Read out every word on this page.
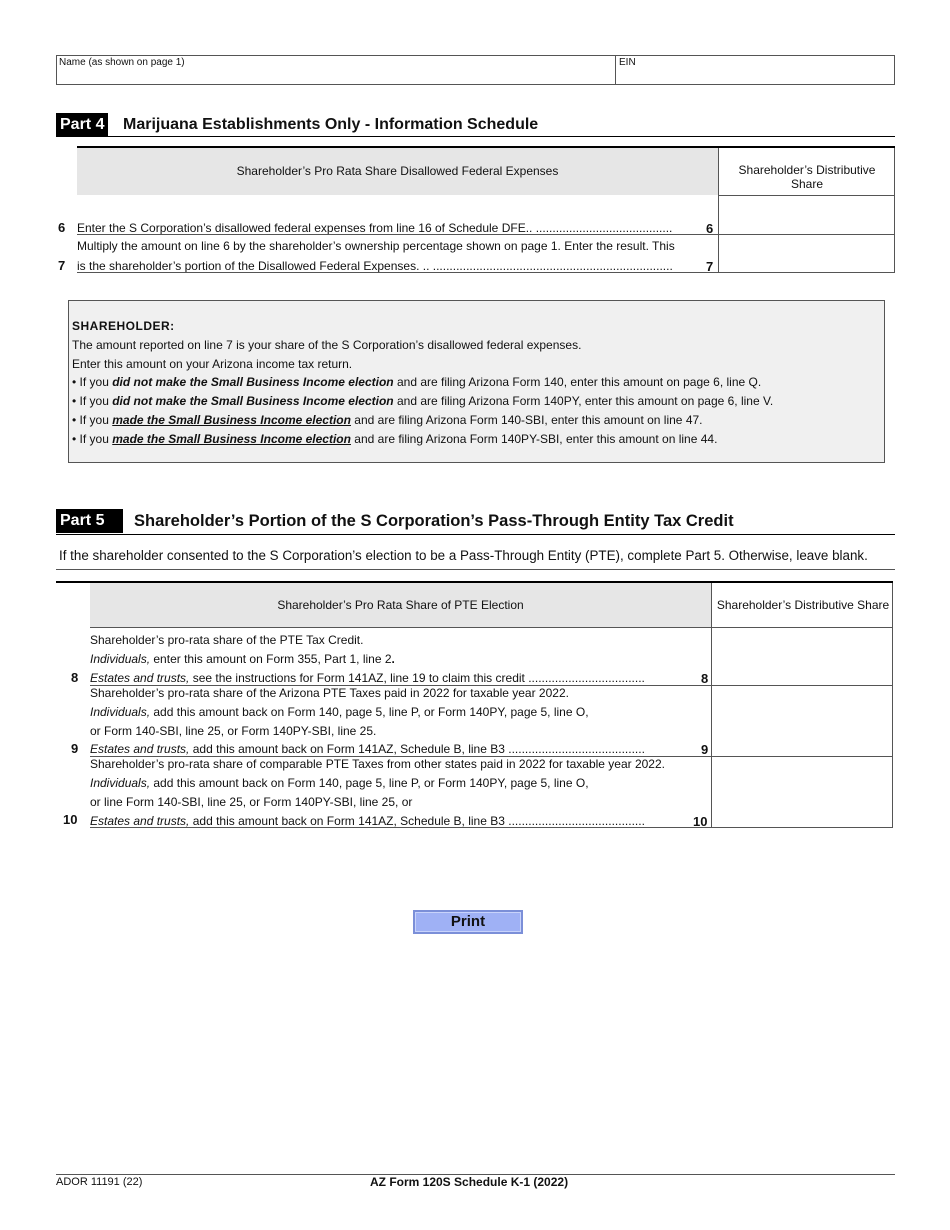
Name (as shown on page 1)	EIN
Part 4 Marijuana Establishments Only - Information Schedule
Shareholder’s Pro Rata Share Disallowed Federal Expenses	Shareholder’s Distributive Share
6 Enter the S Corporation’s disallowed federal expenses from line 16 of Schedule DFE.. .........................................	6
Multiply the amount on line 6 by the shareholder’s ownership percentage shown on page 1. Enter the result. This
7 is the shareholder’s portion of the Disallowed Federal Expenses. .. ........................................................................	7
SHAREHOLDER:
The amount reported on line 7 is your share of the S Corporation’s disallowed federal expenses.
Enter this amount on your Arizona income tax return.
• If you did not make the Small Business Income election and are filing Arizona Form 140, enter this amount on page 6, line Q.
• If you did not make the Small Business Income election and are filing Arizona Form 140PY, enter this amount on page 6, line V.
• If you made the Small Business Income election and are filing Arizona Form 140-SBI, enter this amount on line 47.
• If you made the Small Business Income election and are filing Arizona Form 140PY-SBI, enter this amount on line 44.
Part 5	Shareholder’s Portion of the S Corporation’s Pass-Through Entity Tax Credit
If the shareholder consented to the S Corporation’s election to be a Pass-Through Entity (PTE), complete Part 5. Otherwise, leave blank.
Shareholder’s Pro Rata Share of PTE Election	Shareholder’s Distributive Share
Shareholder’s pro-rata share of the PTE Tax Credit.
Individuals, enter this amount on Form 355, Part 1, line 2.
8 Estates and trusts, see the instructions for Form 141AZ, line 19 to claim this credit ...................................	8
Shareholder’s pro-rata share of the Arizona PTE Taxes paid in 2022 for taxable year 2022.
Individuals, add this amount back on Form 140, page 5, line P, or Form 140PY, page 5, line O,
or Form 140-SBI, line 25, or Form 140PY-SBI, line 25.
9 Estates and trusts, add this amount back on Form 141AZ, Schedule B, line B3 .........................................	9
Shareholder’s pro-rata share of comparable PTE Taxes from other states paid in 2022 for taxable year 2022.
Individuals, add this amount back on Form 140, page 5, line P, or Form 140PY, page 5, line O,
or line Form 140-SBI, line 25, or Form 140PY-SBI, line 25, or
10 Estates and trusts, add this amount back on Form 141AZ, Schedule B, line B3 .........................................	10
Print
ADOR 11191 (22)	AZ Form 120S Schedule K-1 (2022)
